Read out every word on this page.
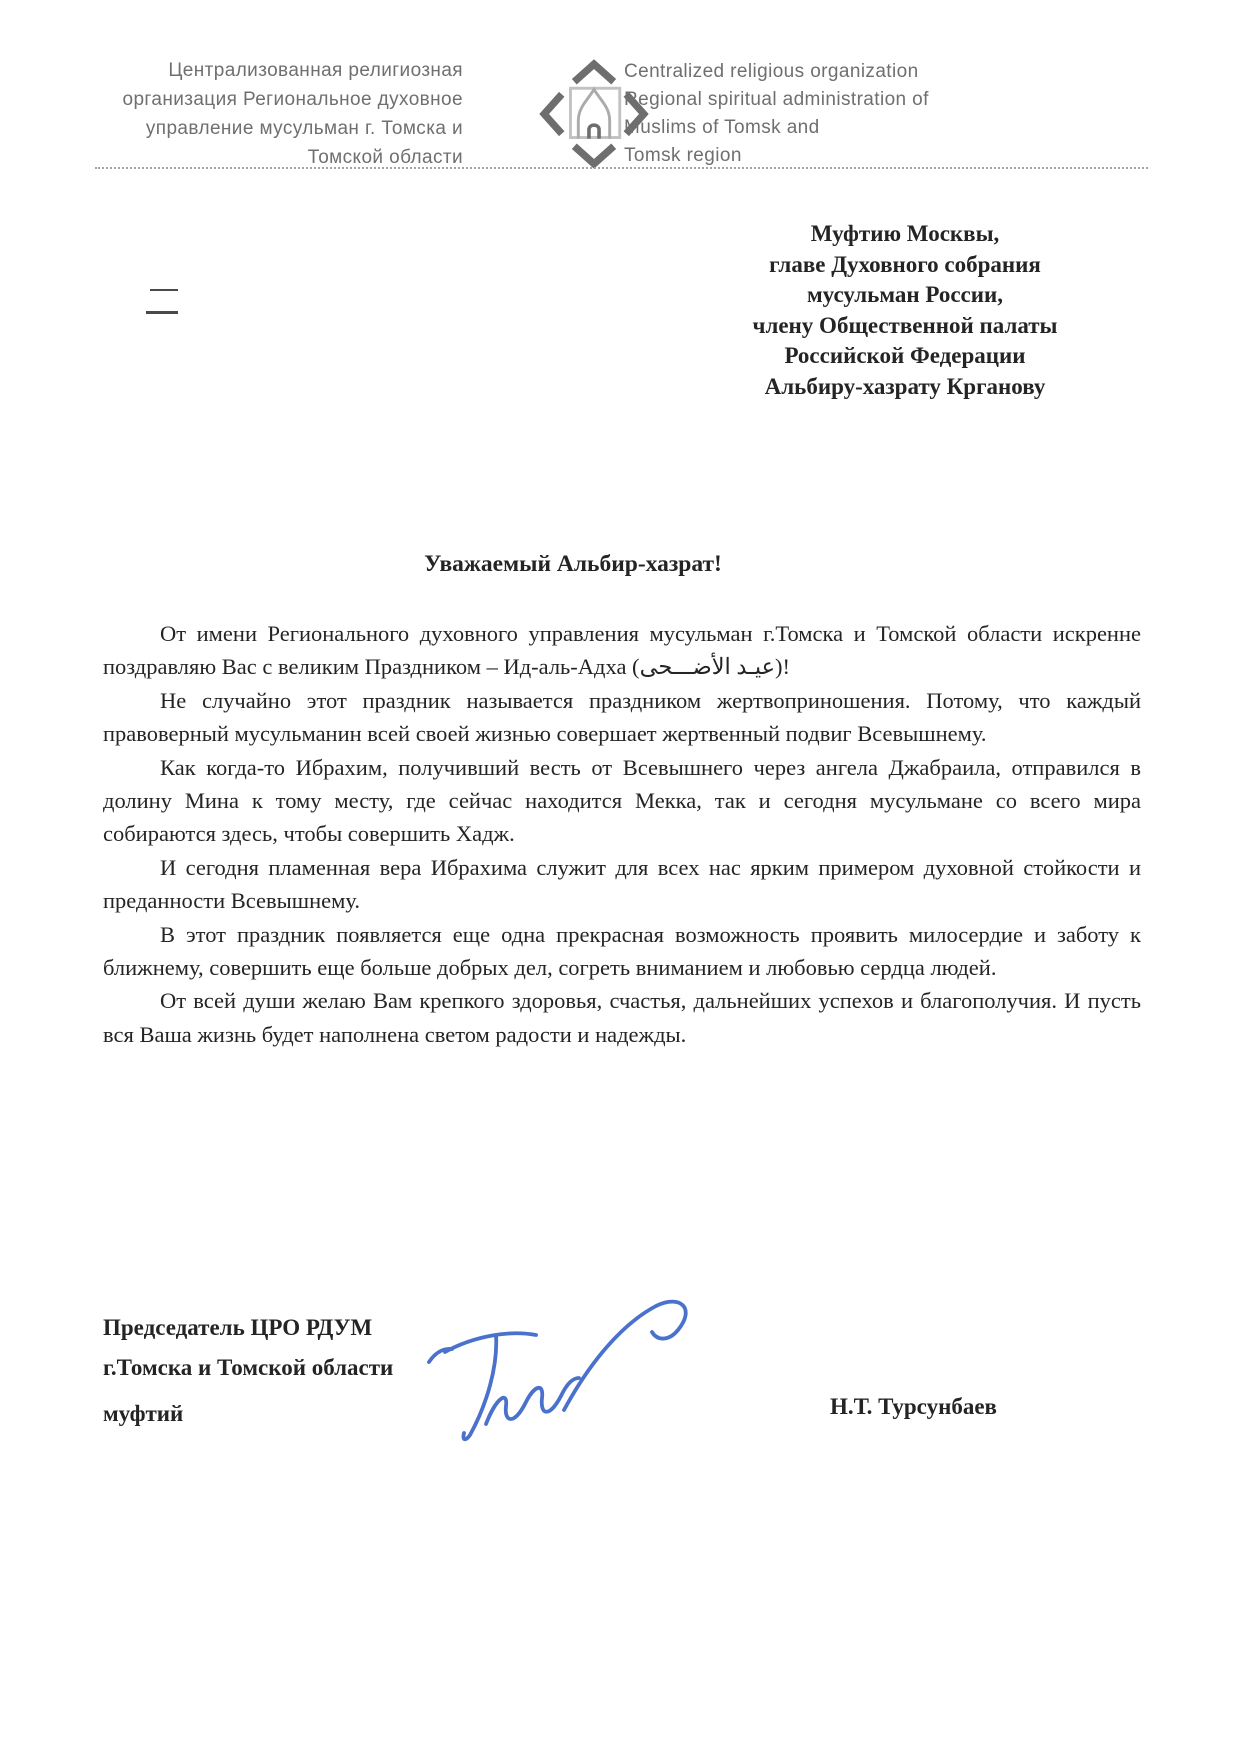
Централизованная религиозная
организация Региональное духовное
управление мусульман г. Томска и
Томской области
Centralized religious organization
Regional spiritual administration of
Muslims of Tomsk and
Tomsk region
Муфтию Москвы,
главе Духовного собрания
мусульман России,
члену Общественной палаты
Российской Федерации
Альбиру-хазрату Крганову
Уважаемый Альбир-хазрат!

От имени Регионального духовного управления мусульман г.Томска и Томской области искренне поздравляю Вас с великим Праздником – Ид-аль-Адха (عيـد الأضـــحى)!

Не случайно этот праздник называется праздником жертвоприношения. Потому, что каждый правоверный мусульманин всей своей жизнью совершает жертвенный подвиг Всевышнему.

Как когда-то Ибрахим, получивший весть от Всевышнего через ангела Джабраила, отправился в долину Мина к тому месту, где сейчас находится Мекка, так и сегодня мусульмане со всего мира собираются здесь, чтобы совершить Хадж.

И сегодня пламенная вера Ибрахима служит для всех нас ярким примером духовной стойкости и преданности Всевышнему.

В этот праздник появляется еще одна прекрасная возможность проявить милосердие и заботу к ближнему, совершить еще больше добрых дел, согреть вниманием и любовью сердца людей.

От всей души желаю Вам крепкого здоровья, счастья, дальнейших успехов и благополучия. И пусть вся Ваша жизнь будет наполнена светом радости и надежды.

Председатель ЦРО РДУМ
г.Томска и Томской области
муфтий	Н.Т. Турсунбаев
